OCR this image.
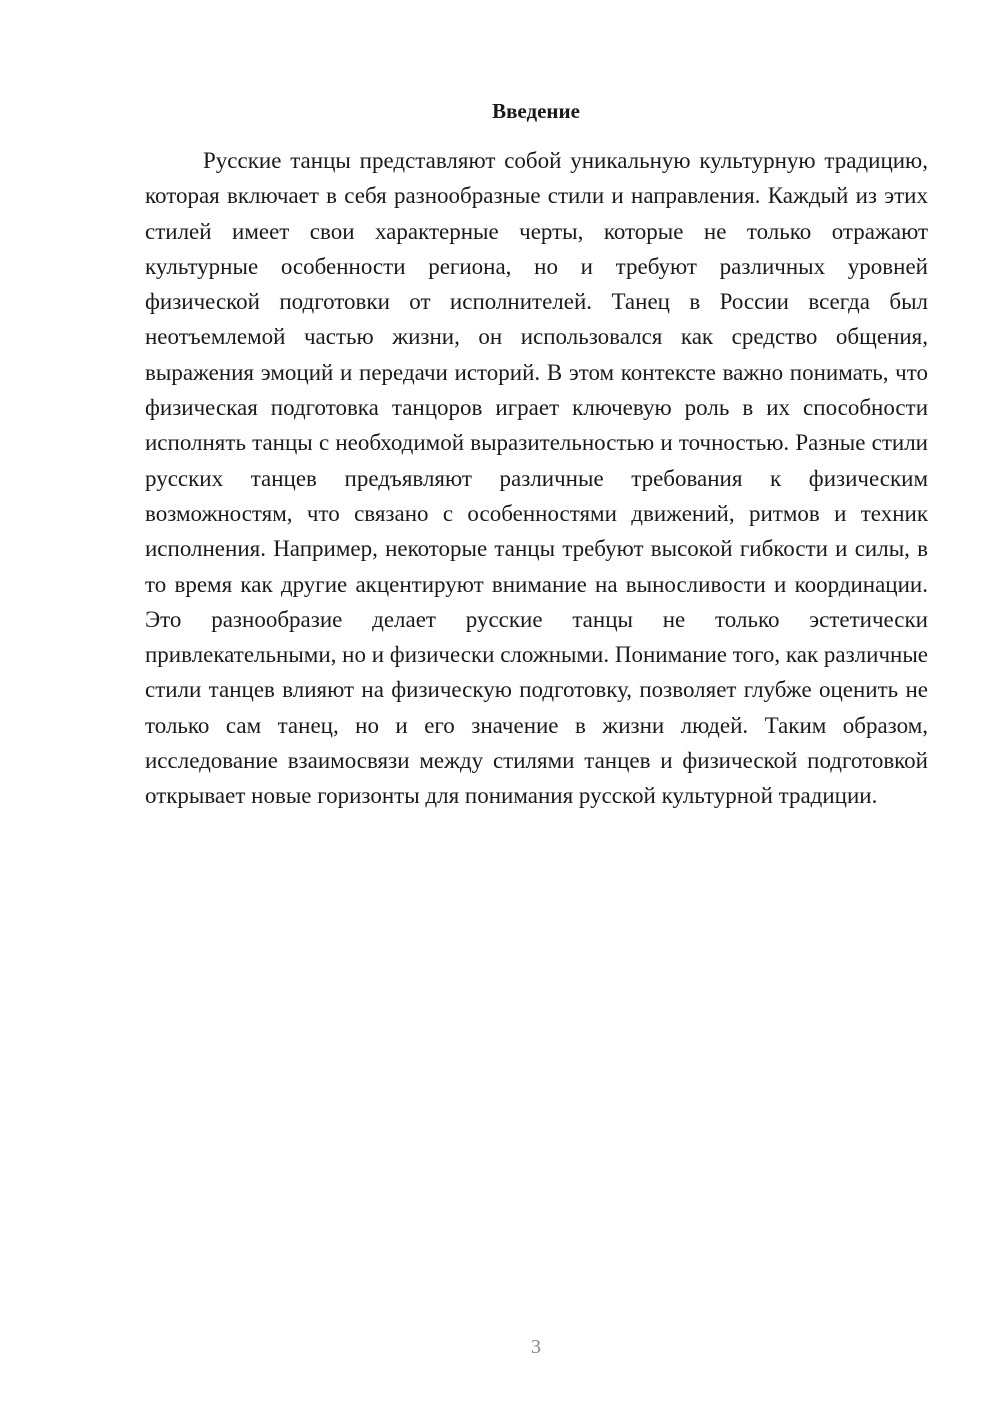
Введение

Русские танцы представляют собой уникальную культурную традицию, которая включает в себя разнообразные стили и направления. Каждый из этих стилей имеет свои характерные черты, которые не только отражают культурные особенности региона, но и требуют различных уровней физической подготовки от исполнителей. Танец в России всегда был неотъемлемой частью жизни, он использовался как средство общения, выражения эмоций и передачи историй. В этом контексте важно понимать, что физическая подготовка танцоров играет ключевую роль в их способности исполнять танцы с необходимой выразительностью и точностью. Разные стили русских танцев предъявляют различные требования к физическим возможностям, что связано с особенностями движений, ритмов и техник исполнения. Например, некоторые танцы требуют высокой гибкости и силы, в то время как другие акцентируют внимание на выносливости и координации. Это разнообразие делает русские танцы не только эстетически привлекательными, но и физически сложными. Понимание того, как различные стили танцев влияют на физическую подготовку, позволяет глубже оценить не только сам танец, но и его значение в жизни людей. Таким образом, исследование взаимосвязи между стилями танцев и физической подготовкой открывает новые горизонты для понимания русской культурной традиции.

3
